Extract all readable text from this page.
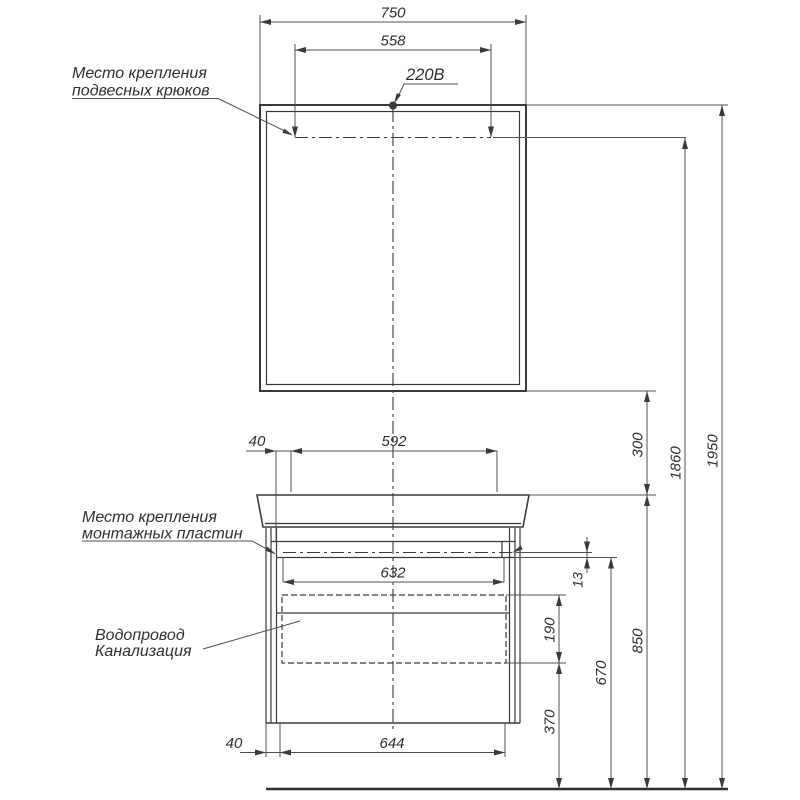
220В
750
558
40	592
632
40	644
300
850
190
370
670
1860 1950
13
Место крепления
подвесных крюков
Место крепления
монтажных пластин
Водопровод
Канализация
